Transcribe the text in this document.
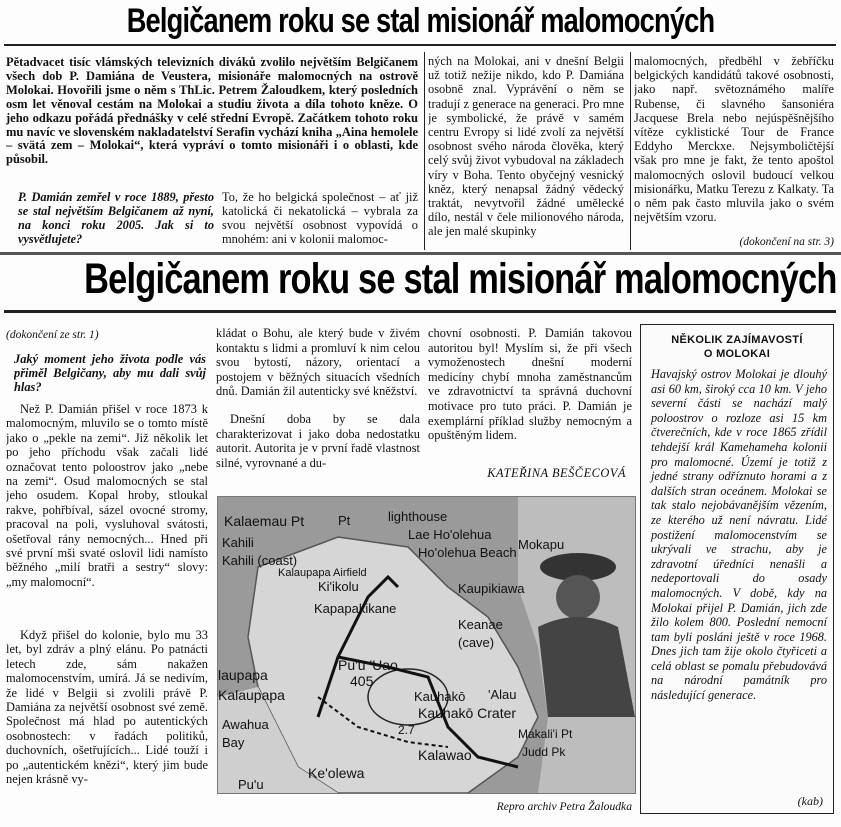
Belgičanem roku se stal misionář malomocných
Pětadvacet tisíc vlámských televizních diváků zvolilo největším Belgičanem všech dob P. Damiána de Veustera, misionáře malomocných na ostrově Molokai. Hovořili jsme o něm s ThLic. Petrem Žaloudkem, který posledních osm let věnoval cestám na Molokai a studiu života a díla tohoto kněze. O jeho odkazu pořádá přednášky v celé střední Evropě. Začátkem tohoto roku mu navíc ve slovenském nakladatelství Serafin vychází kniha „Aina hemolele – svätá zem – Molokai“, která vypráví o tomto misionáři i o oblasti, kde působil.
P. Damián zemřel v roce 1889, přesto se stal největším Belgičanem až nyní, na konci roku 2005. Jak si to vysvětlujete?
To, že ho belgická společnost – ať již katolická či nekatolická – vybrala za svou největší osobnost vypovídá o mnohém: ani v kolonii malomoc-
ných na Molokai, ani v dnešní Belgii už totiž nežije nikdo, kdo P. Damiána osobně znal. Vyprávění o něm se tradují z generace na generaci. Pro mne je symbolické, že právě v samém centru Evropy si lidé zvolí za největší osobnost svého národa člověka, který celý svůj život vybudoval na základech víry v Boha. Tento obyčejný vesnický kněz, který nenapsal žádný vědecký traktát, nevytvořil žádné umělecké dílo, nestál v čele milionového národa, ale jen malé skupinky
malomocných, předběhl v žebříčku belgických kandidátů takové osobnosti, jako např. světoznámého malíře Rubense, či slavného šansoniéra Jacquese Brela nebo nejúspěšnějšího vítěze cyklistické Tour de France Eddyho Merckxe. Nejsymboličtější však pro mne je fakt, že tento apoštol malomocných oslovil budoucí velkou misionářku, Matku Terezu z Kalkaty. Ta o něm pak často mluvila jako o svém největším vzoru.
(dokončení na str. 3)
Belgičanem roku se stal misionář malomocných
(dokončení ze str. 1)
Jaký moment jeho života podle vás přiměl Belgičany, aby mu dali svůj hlas?
Než P. Damián přišel v roce 1873 k malomocným, mluvilo se o tomto místě jako o „pekle na zemi“. Již několik let po jeho příchodu však začali lidé označovat tento poloostrov jako „nebe na zemi“. Osud malomocných se stal jeho osudem. Kopal hroby, stloukal rakve, pohřbíval, sázel ovocné stromy, pracoval na poli, vysluhoval svátosti, ošetřoval rány nemocných... Hned při své první mši svaté oslovil lidi namísto běžného „milí bratři a sestry“ slovy: „my malomocní“.
Když přišel do kolonie, bylo mu 33 let, byl zdráv a plný elánu. Po patnácti letech zde, sám nakažen malomocenstvím, umírá. Já se nedivím, že lidé v Belgii si zvolili právě P. Damiána za největší osobnost své země. Společnost má hlad po autentických osobnostech: v řadách politiků, duchovních, ošetřujících... Lidé touží i po „autentickém knězi“, který jim bude nejen krásně vy-
kládat o Bohu, ale který bude v živém kontaktu s lidmi a promluví k nim celou svou bytostí, názory, orientací a postojem v běžných situacích všedních dnů. Damián žil autenticky své kněžství.
Dnešní doba by se dala charakterizovat i jako doba nedostatku autorit. Autorita je v první řadě vlastnost silné, vyrovnané a du-
chovní osobnosti. P. Damián takovou autoritou byl! Myslím si, že při všech vymoženostech dnešní moderní medicíny chybí mnoha zaměstnancům ve zdravotnictví ta správná duchovní motivace pro tuto práci. P. Damián je exemplární příklad služby nemocným a opuštěným lidem.
KATEŘINA BEŠČECOVÁ
NĚKOLIK ZAJÍMAVOSTÍ O MOLOKAI
Havajský ostrov Molokai je dlouhý asi 60 km, široký cca 10 km. V jeho severní části se nachází malý poloostrov o rozloze asi 15 km čtverečních, kde v roce 1865 zřídil tehdejší král Kamehameha kolonii pro malomocné. Území je totiž z jedné strany odříznuto horami a z dalších stran oceánem. Molokai se tak stalo nejobávanějším vězením, ze kterého už není návratu. Lidé postižení malomocenstvím se ukrývali ve strachu, aby je zdravotní úředníci nenašli a nedeportovali do osady malomocných. V době, kdy na Molokai přijel P. Damián, jich zde žilo kolem 800. Poslední nemocní tam byli posláni ještě v roce 1968. Dnes jich tam žije okolo čtyřiceti a celá oblast se pomalu přebudovává na národní památník pro následující generace.
(kab)
Kalaemau Pt
Kahili
Kahili (coast)
Kalaupapa
Ki'ikolu
Kapapakikane
Pu'u 'Uao
405
Kauhakō Crater
Lae Ho'olehua
Ho'olehua Beach
lighthouse
Kaupikiawa
Keanae
(cave)
'Alau
Kalawao
Makali'i Pt
Judd Pk
Ke'olewa
Pu'u
laupapa
Awahua
Bay
2.7
Kalaupapa Airfield
Kauhakō
Mokapu
Pt
Repro archiv Petra Žaloudka
